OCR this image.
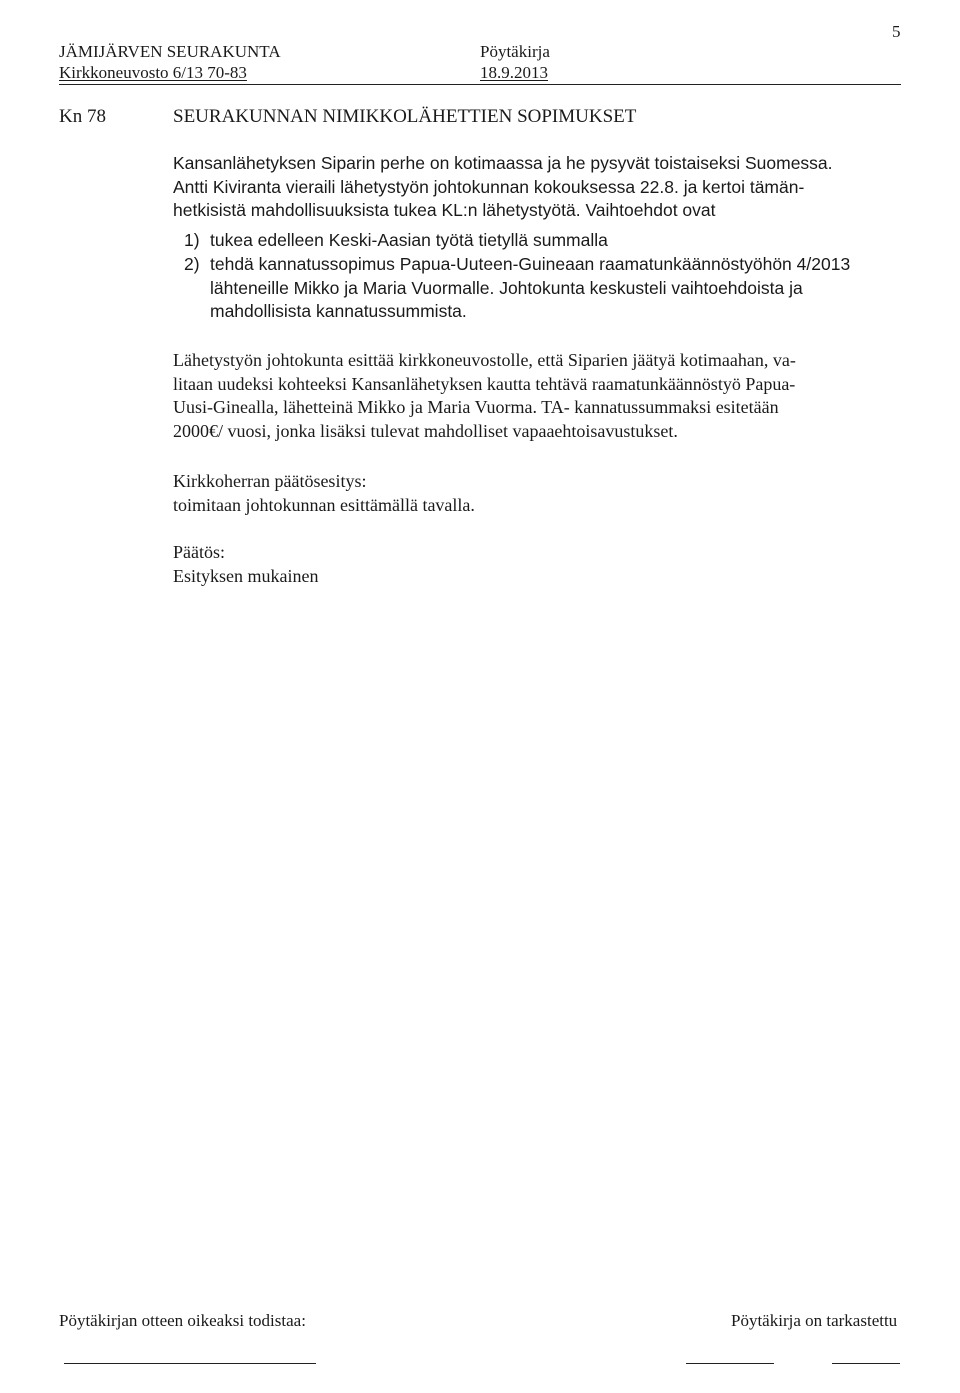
5
JÄMIJÄRVEN SEURAKUNTA	Pöytäkirja
Kirkkoneuvosto 6/13 70-83	18.9.2013
Kn 78	SEURAKUNNAN NIMIKKOLÄHETTIEN SOPIMUKSET
Kansanlähetyksen Siparin perhe on kotimaassa ja he pysyvät toistaiseksi Suomessa.
Antti Kiviranta vieraili lähetystyön johtokunnan kokouksessa 22.8. ja kertoi tämän-
hetkisistä mahdollisuuksista tukea KL:n lähetystyötä. Vaihtoehdot ovat
1) tukea edelleen Keski-Aasian työtä tietyllä summalla
2) tehdä kannatussopimus Papua-Uuteen-Guineaan raamatunkäännöstyöhön 4/2013
lähteneille Mikko ja Maria Vuormalle. Johtokunta keskusteli vaihtoehdoista ja
mahdollisista kannatussummista.
Lähetystyön johtokunta esittää kirkkoneuvostolle, että Siparien jäätyä kotimaahan, va-
litaan uudeksi kohteeksi Kansanlähetyksen kautta tehtävä raamatunkäännöstyö Papua-
Uusi-Ginealla, lähetteinä Mikko ja Maria Vuorma. TA- kannatussummaksi esitetään
2000€/ vuosi, jonka lisäksi tulevat mahdolliset vapaaehtoisavustukset.
Kirkkoherran päätösesitys:
toimitaan johtokunnan esittämällä tavalla.
Päätös:
Esityksen mukainen
Pöytäkirjan otteen oikeaksi todistaa:	Pöytäkirja on tarkastettu
